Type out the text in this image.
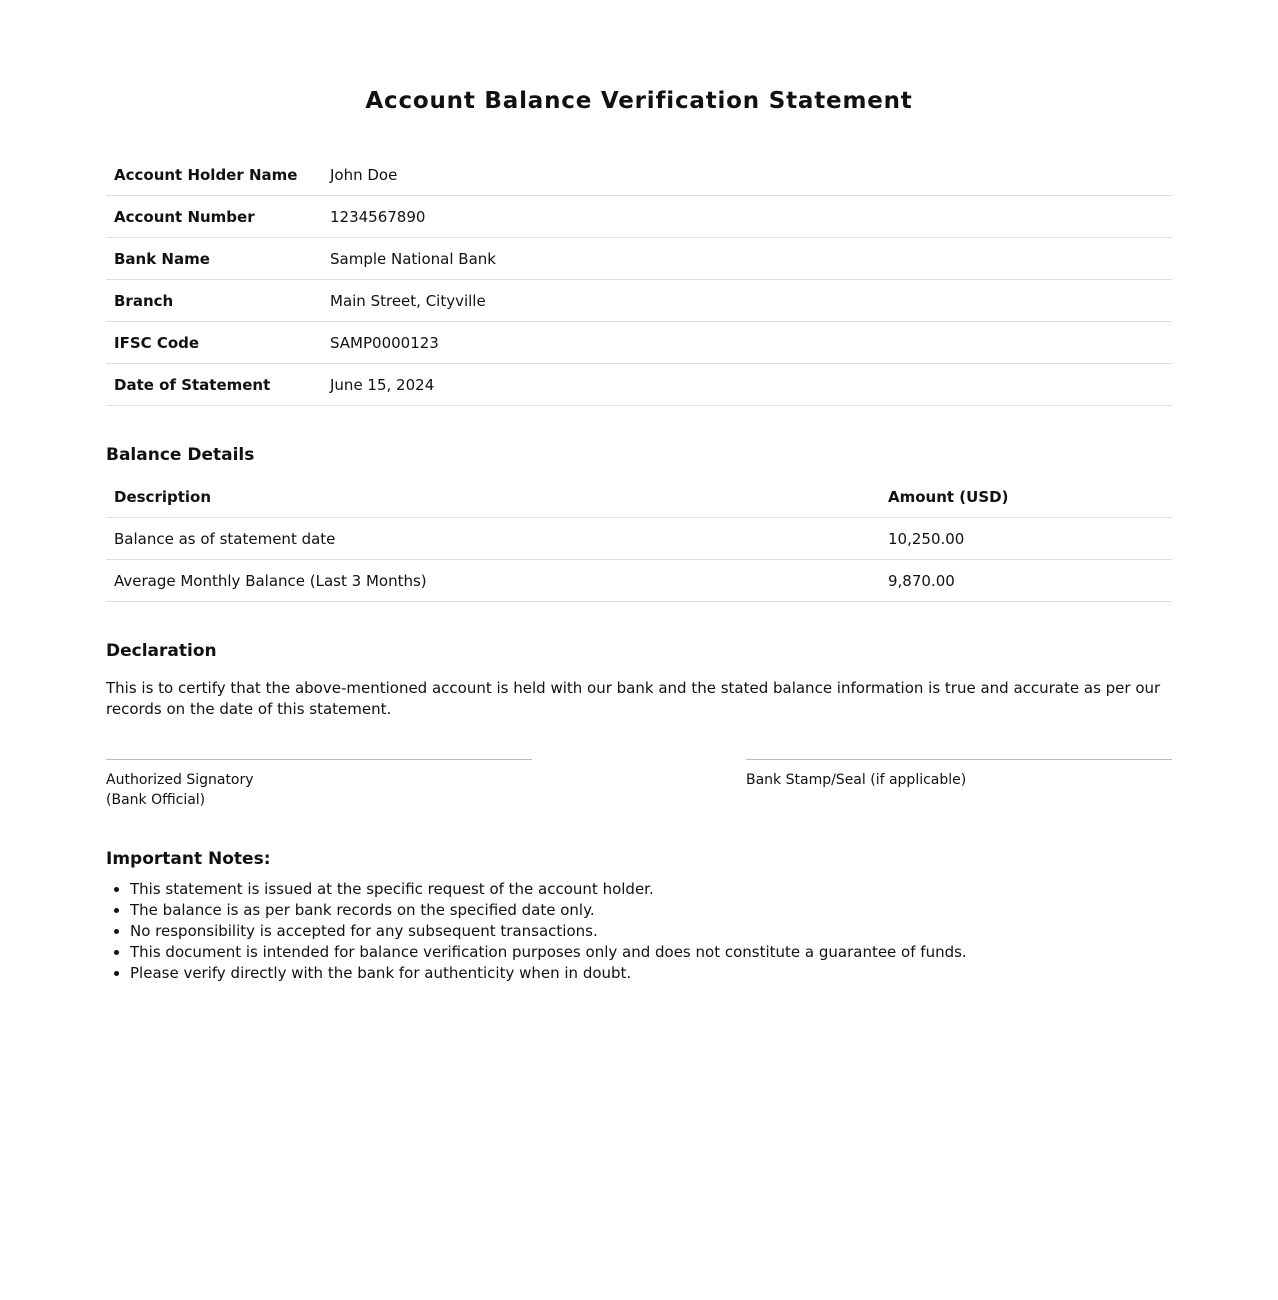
Account Balance Verification Statement
Account Holder Name	John Doe
Account Number	1234567890
Bank Name	Sample National Bank
Branch	Main Street, Cityville
IFSC Code	SAMP0000123
Date of Statement	June 15, 2024
Balance Details
Description	Amount (USD)
Balance as of statement date	10,250.00
Average Monthly Balance (Last 3 Months)	9,870.00
Declaration

This is to certify that the above-mentioned account is held with our bank and the stated balance information is true and accurate as per our records on the date of this statement.

Authorized Signatory
(Bank Official)
Bank Stamp/Seal (if applicable)
Important Notes:
• This statement is issued at the specific request of the account holder.
• The balance is as per bank records on the specified date only.
• No responsibility is accepted for any subsequent transactions.
• This document is intended for balance verification purposes only and does not constitute a guarantee of funds.
• Please verify directly with the bank for authenticity when in doubt.
